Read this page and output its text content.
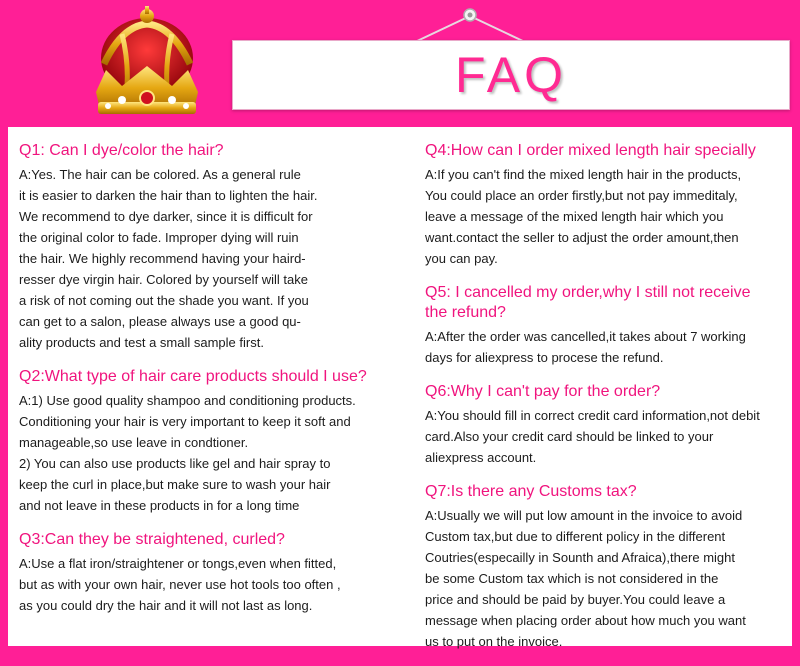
FAQ

Q1: Can I dye/color the hair?

A:Yes. The hair can be colored. As a general rule
it is easier to darken the hair than to lighten the hair.
We recommend to dye darker, since it is difficult for
the original color to fade. Improper dying will ruin
the hair. We highly recommend having your haird-
resser dye virgin hair. Colored by yourself will take
a risk of not coming out the shade you want. If you
can get to a salon, please always use a good qu-
ality products and test a small sample first.

Q2:What type of hair care products should I use?

A:1) Use good quality shampoo and conditioning products.
Conditioning your hair is very important to keep it soft and
manageable,so use leave in condtioner.
2) You can also use products like gel and hair spray to
keep the curl in place,but make sure to wash your hair
and not leave in these products in for a long time

Q3:Can they be straightened, curled?

A:Use a flat iron/straightener or tongs,even when fitted,
but as with your own hair, never use hot tools too often ,
as you could dry the hair and it will not last as long.

Q4:How can I order mixed length hair specially

A:If you can't find the mixed length hair in the products,
You could place an order firstly,but not pay immeditaly,
leave a message of the mixed length hair which you
want.contact the seller to adjust the order amount,then
you can pay.

Q5: I cancelled my order,why I still not receive
the refund?

A:After the order was cancelled,it takes about 7 working
days for aliexpress to procese the refund.

Q6:Why I can't pay for the order?

A:You should fill in correct credit card information,not debit
card.Also your credit card should be linked to your
aliexpress account.

Q7:Is there any Customs tax?

A:Usually we will put low amount in the invoice to avoid
Custom tax,but due to different policy in the different
Coutries(especailly in Sounth and Afraica),there might
be some Custom tax which is not considered in the
price and should be paid by buyer.You could leave a
message when placing order about how much you want
us to put on the invoice.
